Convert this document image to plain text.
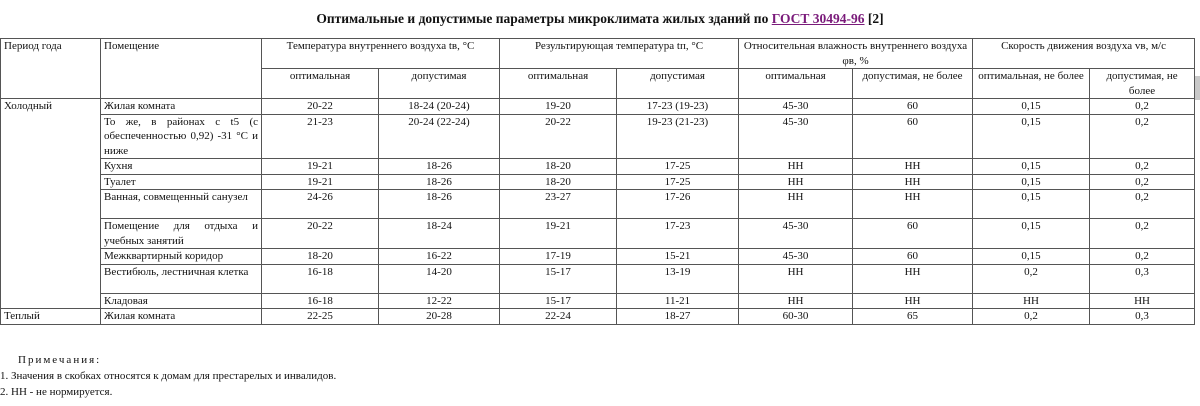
Оптимальные и допустимые параметры микроклимата жилых зданий по ГОСТ 30494-96 [2]
Период года	Помещение	Температура внутреннего воздуха tв, °С		Результирующая температура tп, °С		Относительная влажность внутреннего воздуха φв, %		Скорость движения воздуха vв, м/с	
		оптимальная	допустимая	оптимальная	допустимая	оптимальная	допустимая, не более	оптимальная, не более	допустимая, не более
Холодный	Жилая комната	20-22	18-24 (20-24)	19-20	17-23 (19-23)	45-30	60	0,15	0,2
	То же, в районах с t5 (с обеспеченностью 0,92) -31 °С и ниже	21-23	20-24 (22-24)	20-22	19-23 (21-23)	45-30	60	0,15	0,2
	Кухня	19-21	18-26	18-20	17-25	НН	НН	0,15	0,2
	Туалет	19-21	18-26	18-20	17-25	НН	НН	0,15	0,2
	Ванная, совмещенный санузел	24-26	18-26	23-27	17-26	НН	НН	0,15	0,2
	Помещение для отдыха и учебных занятий	20-22	18-24	19-21	17-23	45-30	60	0,15	0,2
	Межквартирный коридор	18-20	16-22	17-19	15-21	45-30	60	0,15	0,2
	Вестибюль, лестничная клетка	16-18	14-20	15-17	13-19	НН	НН	0,2	0,3
	Кладовая	16-18	12-22	15-17	11-21	НН	НН	НН	НН
Теплый	Жилая комната	22-25	20-28	22-24	18-27	60-30	65	0,2	0,3
Примечания:
1. Значения в скобках относятся к домам для престарелых и инвалидов.
2. НН - не нормируется.
